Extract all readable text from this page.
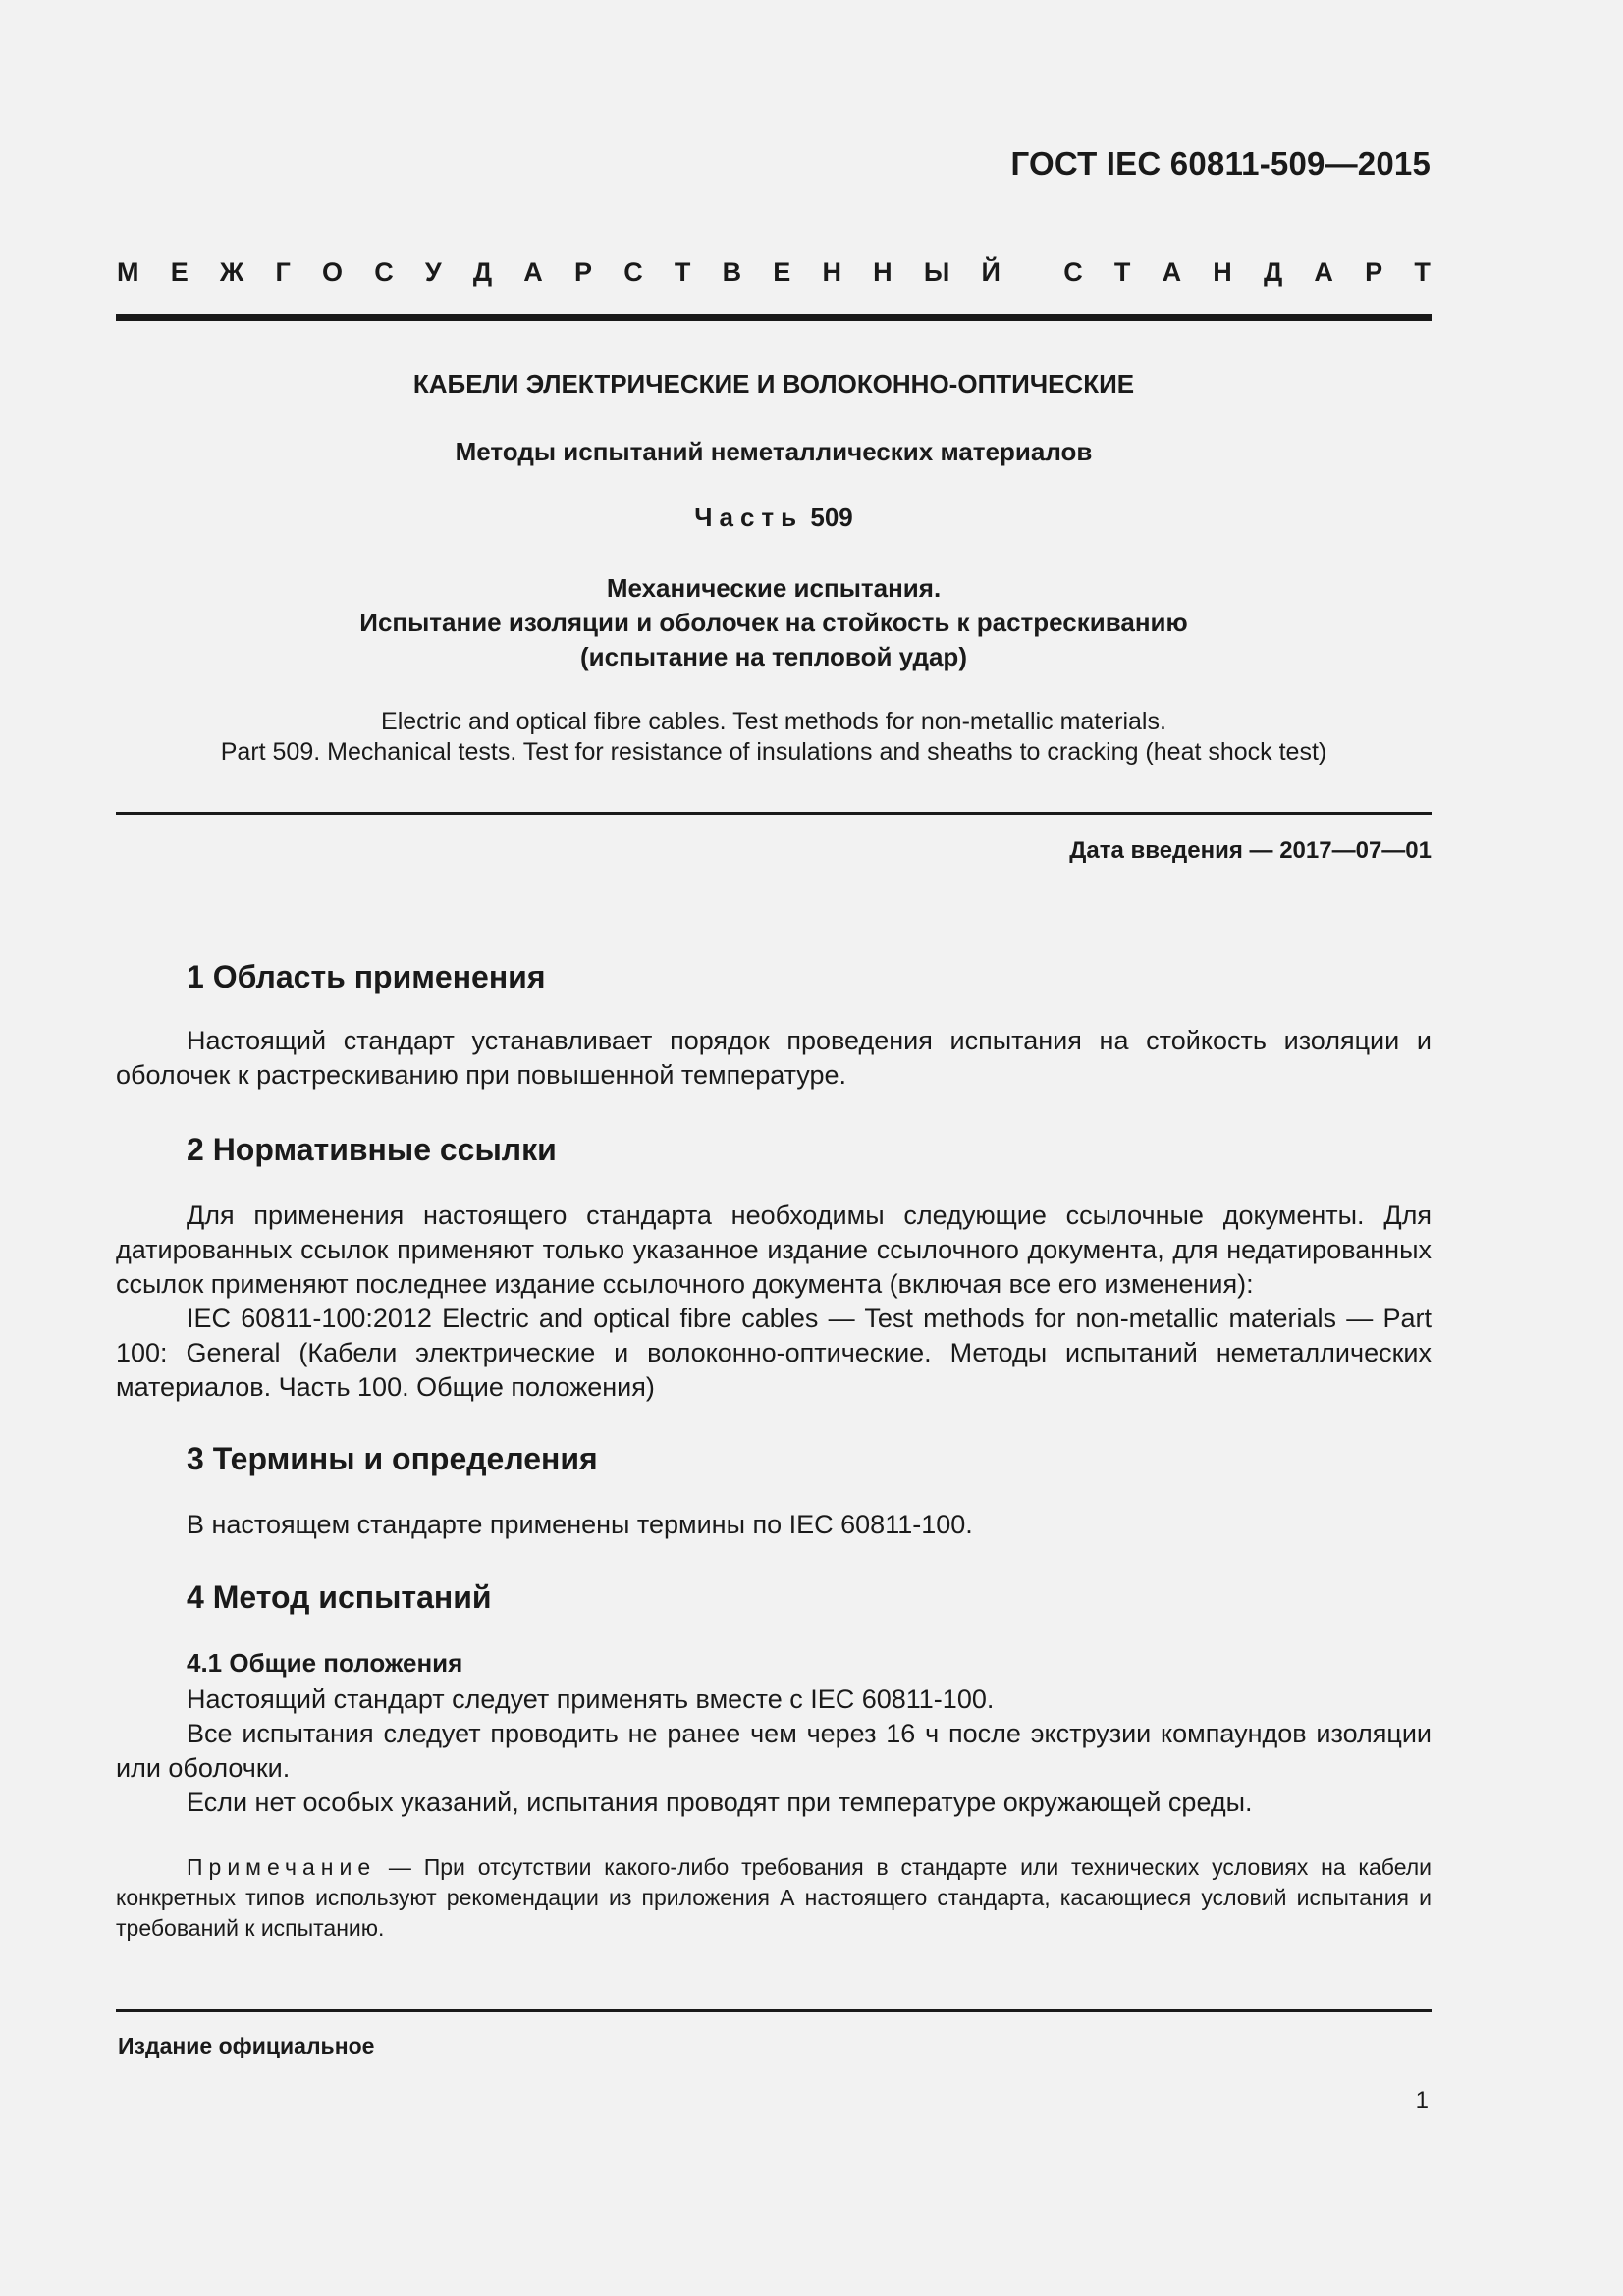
ГОСТ IEC 60811-509—2015
М Е Ж Г О С У Д А Р С Т В Е Н Н Ы Й С Т А Н Д А Р Т
КАБЕЛИ ЭЛЕКТРИЧЕСКИЕ И ВОЛОКОННО-ОПТИЧЕСКИЕ
Методы испытаний неметаллических материалов
Часть 509
Механические испытания.
Испытание изоляции и оболочек на стойкость к растрескиванию
(испытание на тепловой удар)
Electric and optical fibre cables. Test methods for non-metallic materials.
Part 509. Mechanical tests. Test for resistance of insulations and sheaths to cracking (heat shock test)
Дата введения — 2017—07—01
1 Область применения

Настоящий стандарт устанавливает порядок проведения испытания на стойкость изоляции и оболочек к растрескиванию при повышенной температуре.

2 Нормативные ссылки

Для применения настоящего стандарта необходимы следующие ссылочные документы. Для датированных ссылок применяют только указанное издание ссылочного документа, для недатированных ссылок применяют последнее издание ссылочного документа (включая все его изменения):

IEC 60811-100:2012 Electric and optical fibre cables — Test methods for non-metallic materials — Part 100: General (Кабели электрические и волоконно-оптические. Методы испытаний неметаллических материалов. Часть 100. Общие положения)

3 Термины и определения

В настоящем стандарте применены термины по IEC 60811-100.

4 Метод испытаний
4.1 Общие положения

Настоящий стандарт следует применять вместе с IEC 60811-100.

Все испытания следует проводить не ранее чем через 16 ч после экструзии компаундов изоляции или оболочки.

Если нет особых указаний, испытания проводят при температуре окружающей среды.

Примечание — При отсутствии какого-либо требования в стандарте или технических условиях на кабели конкретных типов используют рекомендации из приложения А настоящего стандарта, касающиеся условий испытания и требований к испытанию.
Издание официальное
1
